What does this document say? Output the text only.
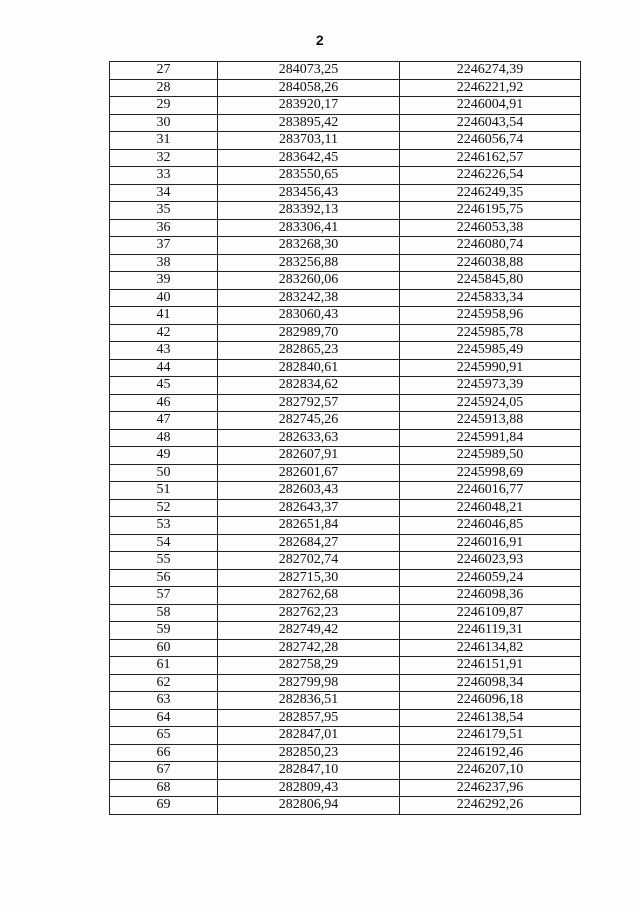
2
27	284073,25	2246274,39
28	284058,26	2246221,92
29	283920,17	2246004,91
30	283895,42	2246043,54
31	283703,11	2246056,74
32	283642,45	2246162,57
33	283550,65	2246226,54
34	283456,43	2246249,35
35	283392,13	2246195,75
36	283306,41	2246053,38
37	283268,30	2246080,74
38	283256,88	2246038,88
39	283260,06	2245845,80
40	283242,38	2245833,34
41	283060,43	2245958,96
42	282989,70	2245985,78
43	282865,23	2245985,49
44	282840,61	2245990,91
45	282834,62	2245973,39
46	282792,57	2245924,05
47	282745,26	2245913,88
48	282633,63	2245991,84
49	282607,91	2245989,50
50	282601,67	2245998,69
51	282603,43	2246016,77
52	282643,37	2246048,21
53	282651,84	2246046,85
54	282684,27	2246016,91
55	282702,74	2246023,93
56	282715,30	2246059,24
57	282762,68	2246098,36
58	282762,23	2246109,87
59	282749,42	2246119,31
60	282742,28	2246134,82
61	282758,29	2246151,91
62	282799,98	2246098,34
63	282836,51	2246096,18
64	282857,95	2246138,54
65	282847,01	2246179,51
66	282850,23	2246192,46
67	282847,10	2246207,10
68	282809,43	2246237,96
69	282806,94	2246292,26
